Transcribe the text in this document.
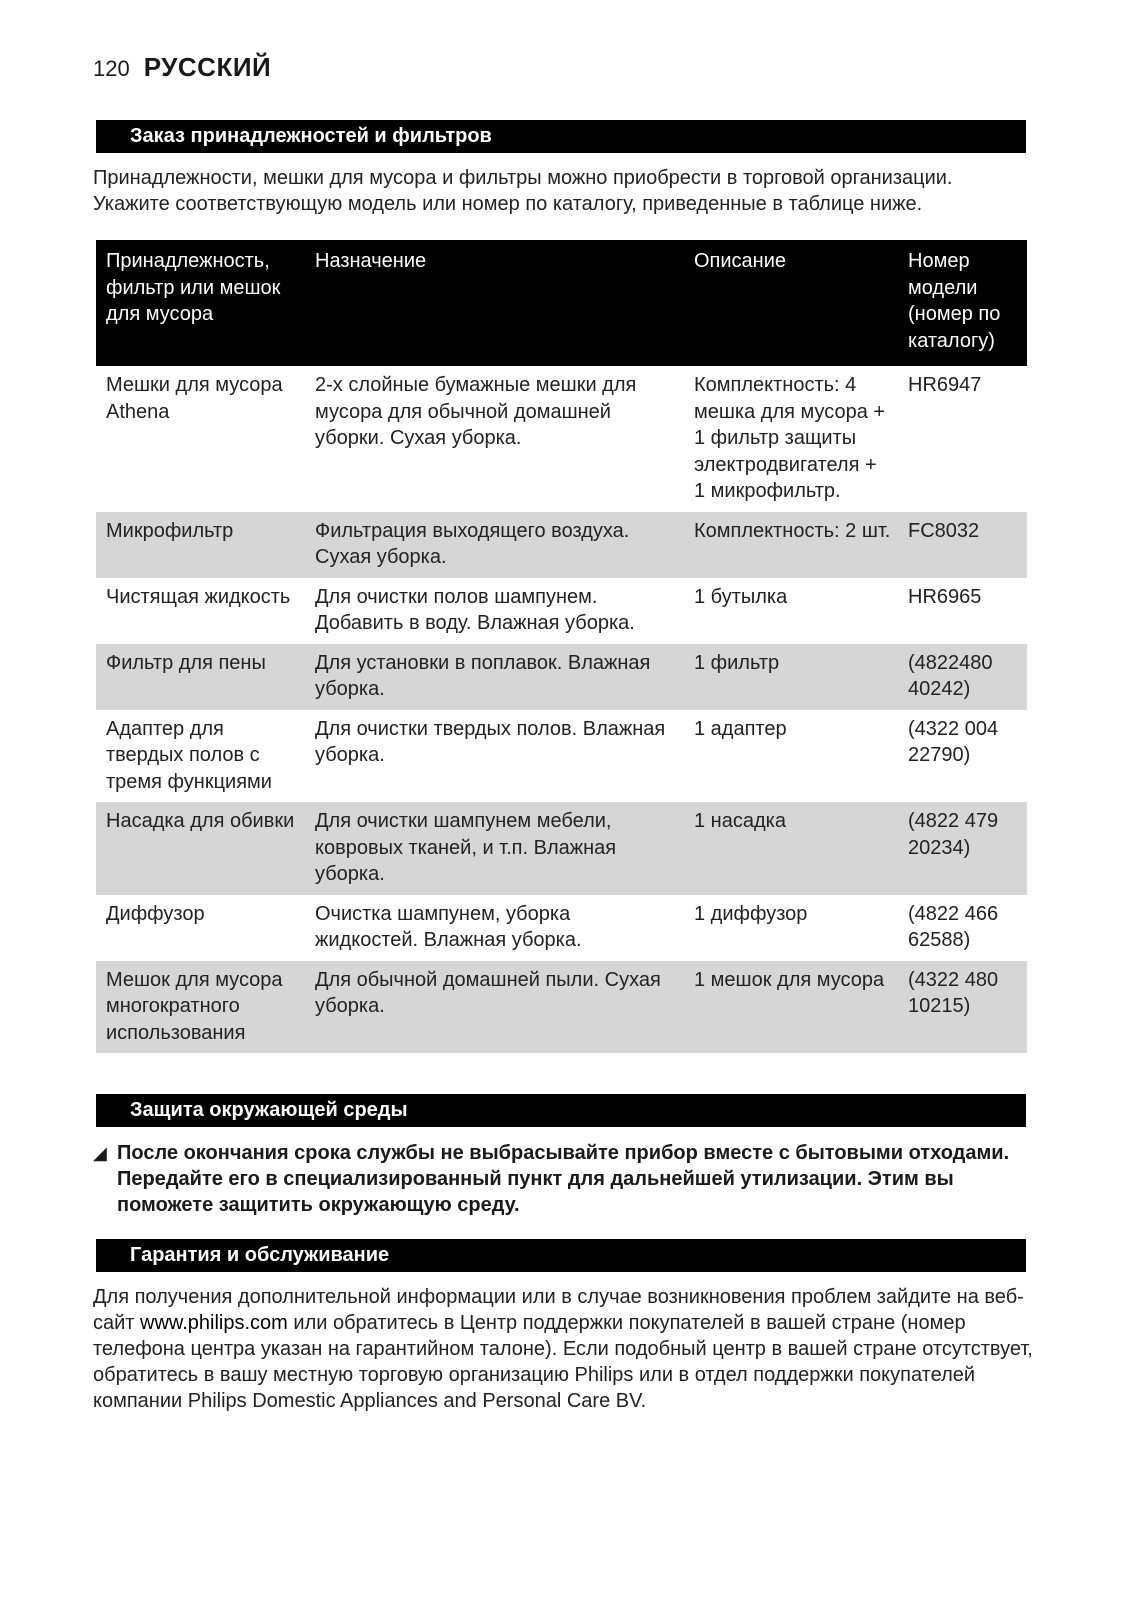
120 РУССКИЙ
Заказ принадлежностей и фильтров

Принадлежности, мешки для мусора и фильтры можно приобрести в торговой организации.

Укажите соответствующую модель или номер по каталогу, приведенные в таблице ниже.

Принадлежность, фильтр или мешок для мусора	Назначение	Описание	Номер модели (номер по каталогу)
Мешки для мусора Athena	2-х слойные бумажные мешки для мусора для обычной домашней уборки. Сухая уборка.	Комплектность: 4 мешка для мусора + 1 фильтр защиты электродвигателя + 1 микрофильтр.	HR6947
Микрофильтр	Фильтрация выходящего воздуха. Сухая уборка.	Комплектность: 2 шт.	FC8032
Чистящая жидкость	Для очистки полов шампунем. Добавить в воду. Влажная уборка.	1 бутылка	HR6965
Фильтр для пены	Для установки в поплавок. Влажная уборка.	1 фильтр	(4822480 40242)
Адаптер для твердых полов с тремя функциями	Для очистки твердых полов. Влажная уборка.	1 адаптер	(4322 004 22790)
Насадка для обивки	Для очистки шампунем мебели, ковровых тканей, и т.п. Влажная уборка.	1 насадка	(4822 479 20234)
Диффузор	Очистка шампунем, уборка жидкостей. Влажная уборка.	1 диффузор	(4822 466 62588)
Мешок для мусора многократного использования	Для обычной домашней пыли. Сухая уборка.	1 мешок для мусора	(4322 480 10215)
Защита окружающей среды
◢ После окончания срока службы не выбрасывайте прибор вместе с бытовыми отходами. Передайте его в специализированный пункт для дальнейшей утилизации. Этим вы поможете защитить окружающую среду.
Гарантия и обслуживание
Для получения дополнительной информации или в случае возникновения проблем зайдите на веб-сайт www.philips.com или обратитесь в Центр поддержки покупателей в вашей стране (номер телефона центра указан на гарантийном талоне). Если подобный центр в вашей стране отсутствует, обратитесь в вашу местную торговую организацию Philips или в отдел поддержки покупателей компании Philips Domestic Appliances and Personal Care BV.
